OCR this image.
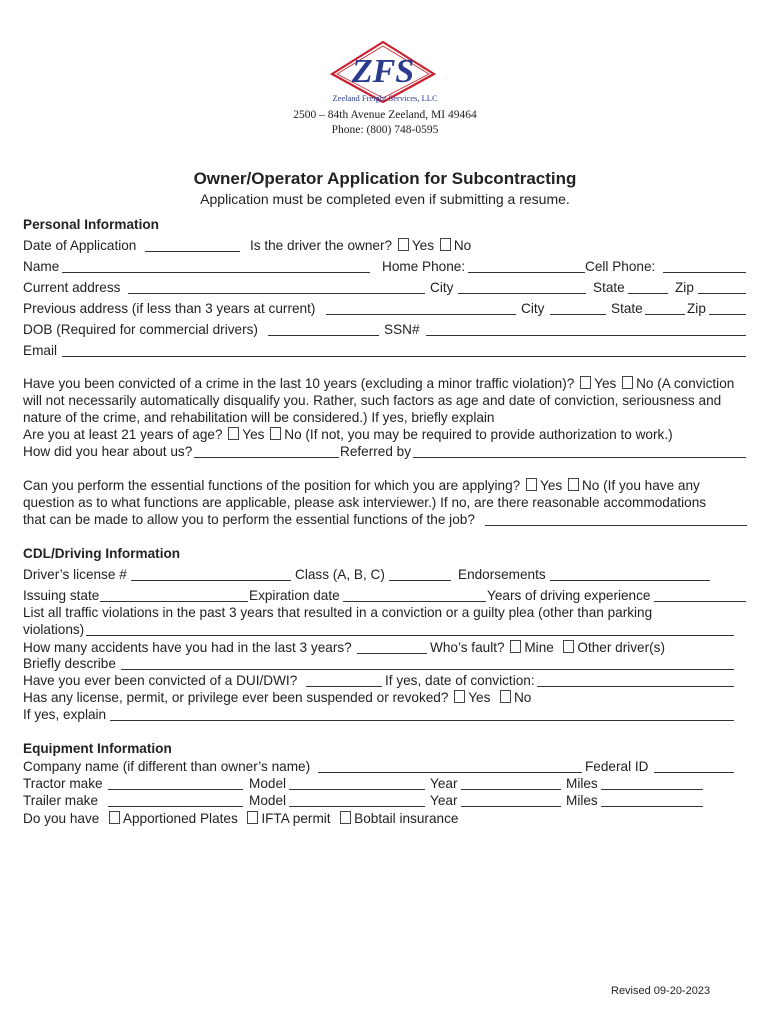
ZFS
Zeeland Freight Services, LLC
2500 – 84th Avenue Zeeland, MI 49464
Phone: (800) 748-0595
Owner/Operator Application for Subcontracting
Application must be completed even if submitting a resume.
Personal Information
Date of Application	Is the driver the owner? Yes No
Name	Home Phone:	Cell Phone:
Current address	City	State	Zip
Previous address (if less than 3 years at current)	City	State	Zip
DOB (Required for commercial drivers)	SSN#
Email
Have you been convicted of a crime in the last 10 years (excluding a minor traffic violation)? Yes No (A conviction
will not necessarily automatically disqualify you. Rather, such factors as age and date of conviction, seriousness and
nature of the crime, and rehabilitation will be considered.) If yes, briefly explain
Are you at least 21 years of age? Yes No (If not, you may be required to provide authorization to work.)
How did you hear about us?	Referred by
Can you perform the essential functions of the position for which you are applying? Yes No (If you have any
question as to what functions are applicable, please ask interviewer.) If no, are there reasonable accommodations
that can be made to allow you to perform the essential functions of the job?
CDL/Driving Information
Driver’s license #	Class (A, B, C)	Endorsements
Issuing state	Expiration date	Years of driving experience
List all traffic violations in the past 3 years that resulted in a conviction or a guilty plea (other than parking
violations)
How many accidents have you had in the last 3 years?	Who’s fault? Mine Other driver(s)
Briefly describe
Have you ever been convicted of a DUI/DWI?	If yes, date of conviction:
Has any license, permit, or privilege ever been suspended or revoked? Yes No
If yes, explain
Equipment Information
Company name (if different than owner’s name)	Federal ID
Tractor make	Model	Year	Miles
Trailer make	Model	Year	Miles
Do you have Apportioned Plates IFTA permit Bobtail insurance
Revised 09-20-2023
